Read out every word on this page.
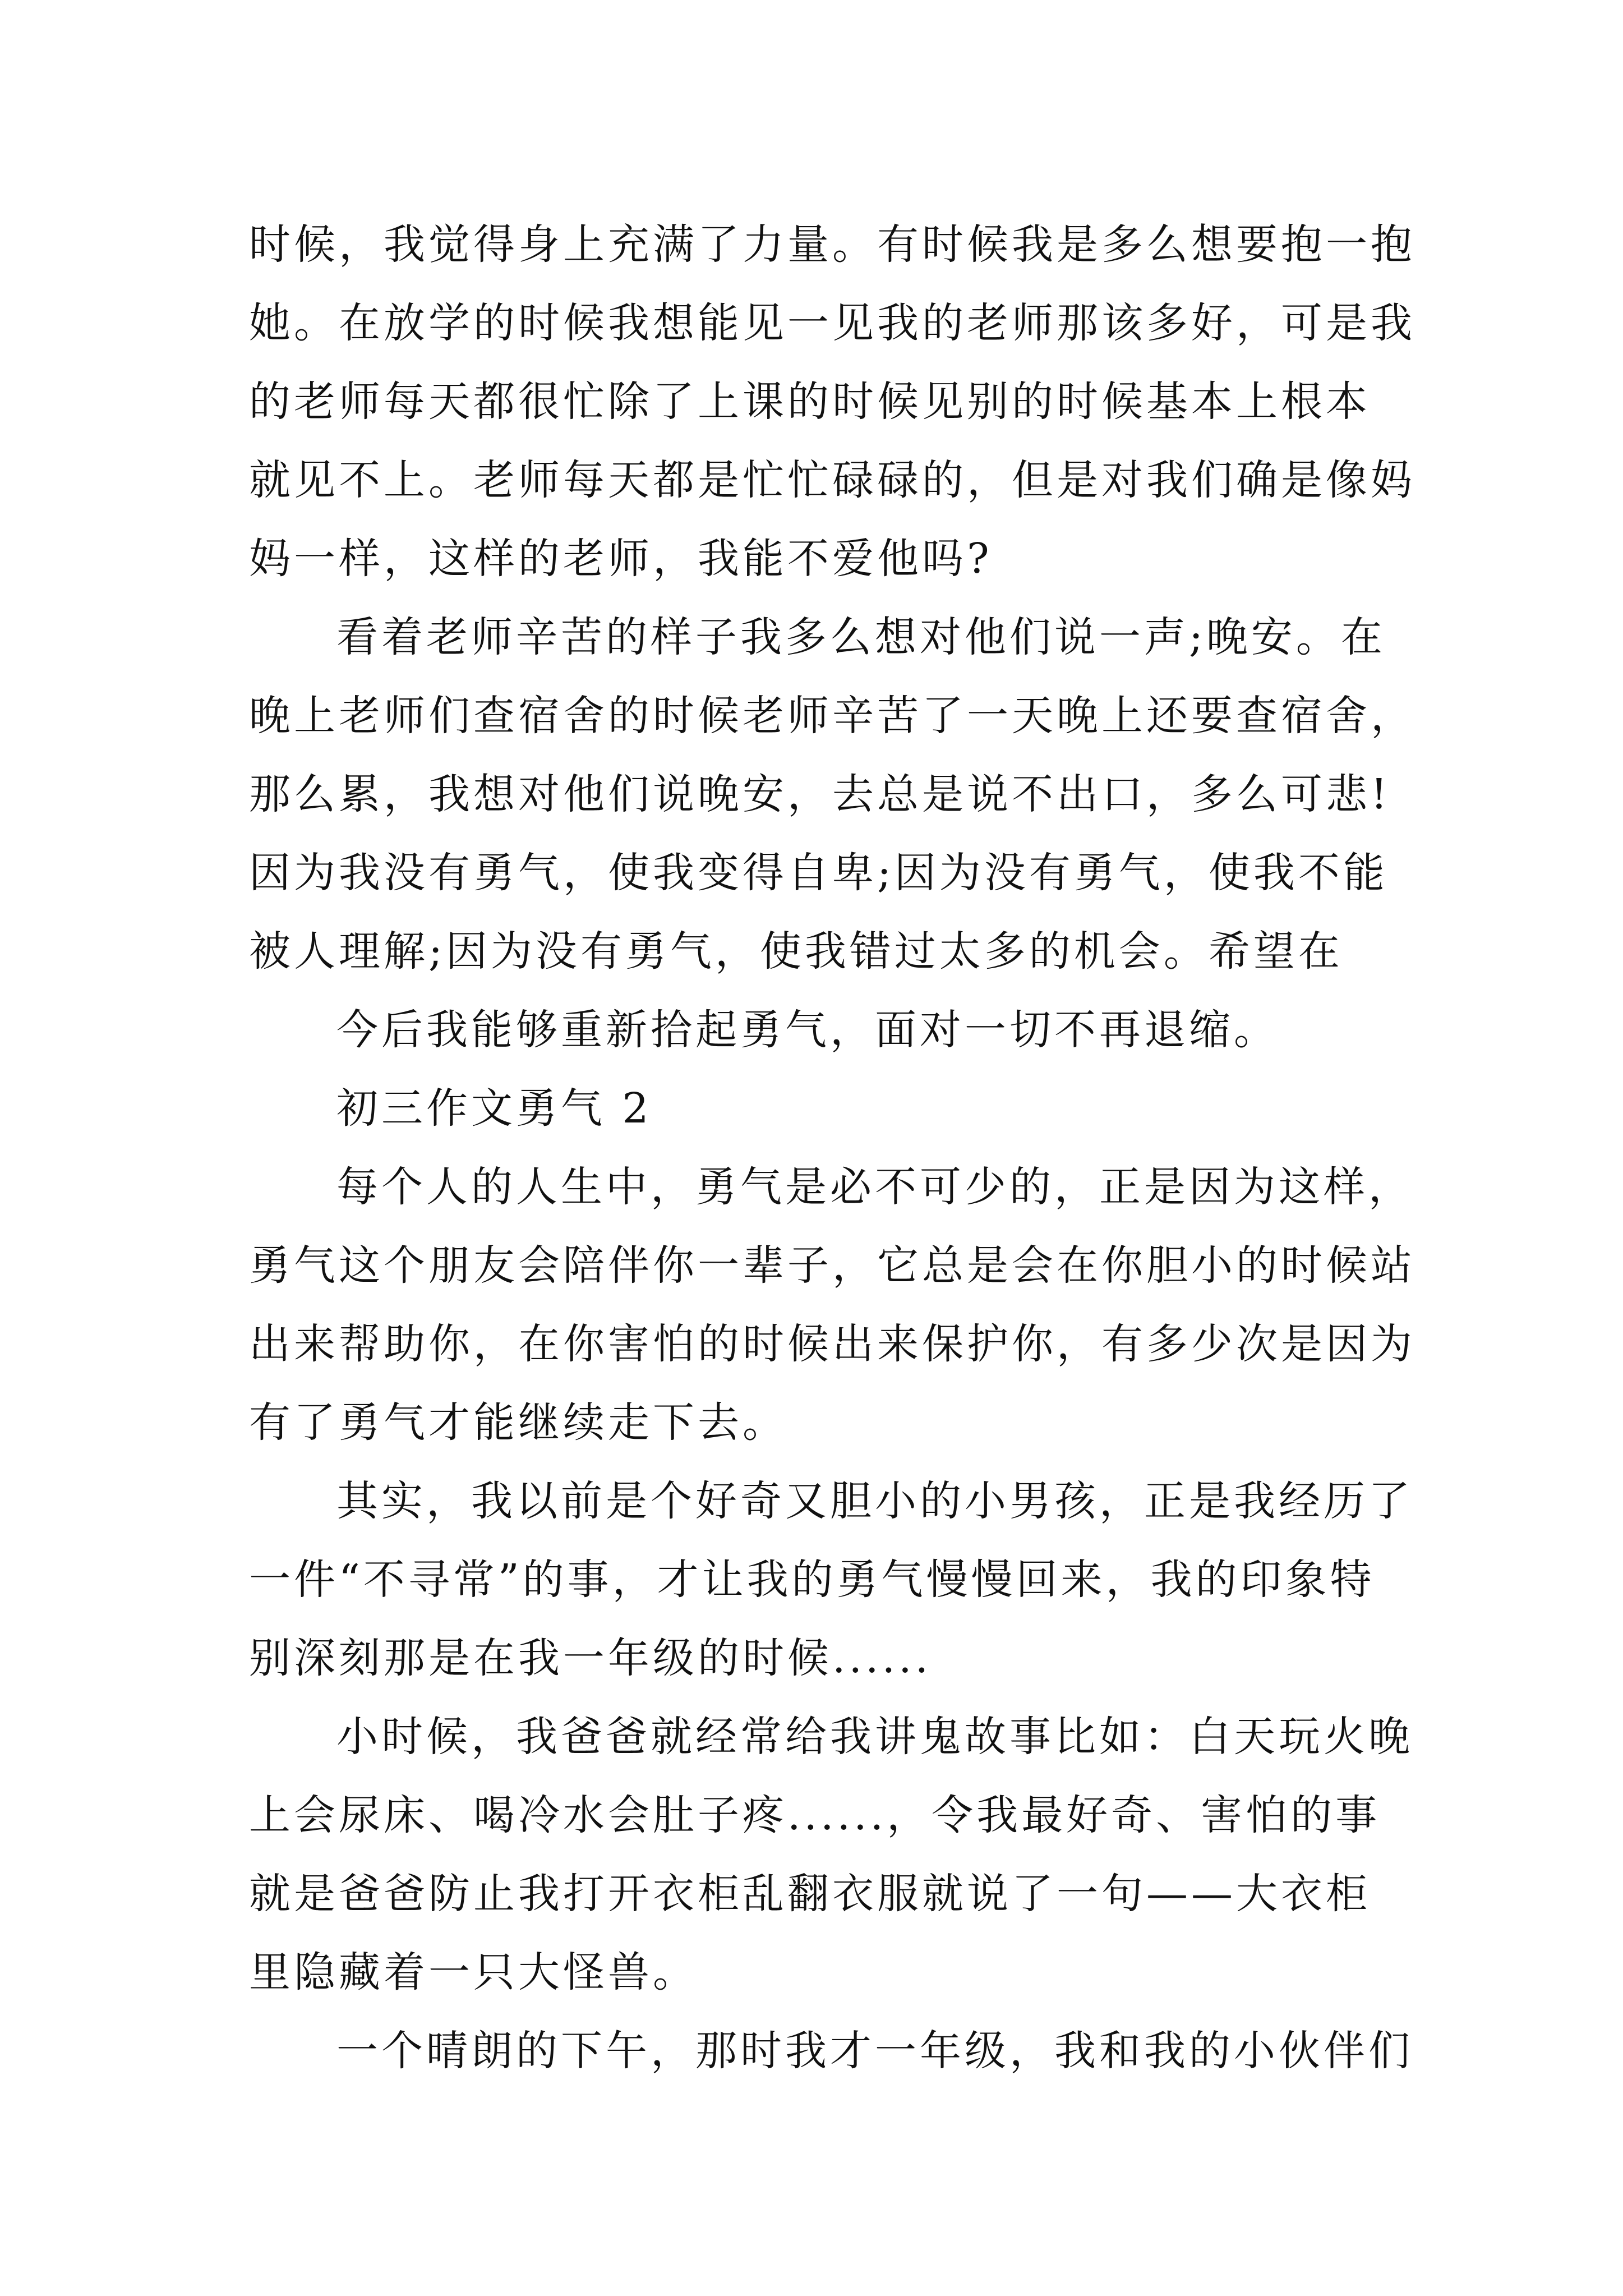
时候，我觉得身上充满了力量。有时候我是多么想要抱一抱
她。在放学的时候我想能见一见我的老师那该多好，可是我
的老师每天都很忙除了上课的时候见别的时候基本上根本
就见不上。老师每天都是忙忙碌碌的，但是对我们确是像妈
妈一样，这样的老师，我能不爱他吗?
看着老师辛苦的样子我多么想对他们说一声;晚安。在
晚上老师们查宿舍的时候老师辛苦了一天晚上还要查宿舍，
那么累，我想对他们说晚安，去总是说不出口，多么可悲!
因为我没有勇气，使我变得自卑;因为没有勇气，使我不能
被人理解;因为没有勇气，使我错过太多的机会。希望在
今后我能够重新拾起勇气，面对一切不再退缩。
初三作文勇气 2
每个人的人生中，勇气是必不可少的，正是因为这样，
勇气这个朋友会陪伴你一辈子，它总是会在你胆小的时候站
出来帮助你，在你害怕的时候出来保护你，有多少次是因为
有了勇气才能继续走下去。
其实，我以前是个好奇又胆小的小男孩，正是我经历了
一件“不寻常”的事，才让我的勇气慢慢回来，我的印象特
别深刻那是在我一年级的时候......
小时候，我爸爸就经常给我讲鬼故事比如：白天玩火晚
上会尿床、喝冷水会肚子疼......，令我最好奇、害怕的事
就是爸爸防止我打开衣柜乱翻衣服就说了一句——大衣柜
里隐藏着一只大怪兽。
一个晴朗的下午，那时我才一年级，我和我的小伙伴们
